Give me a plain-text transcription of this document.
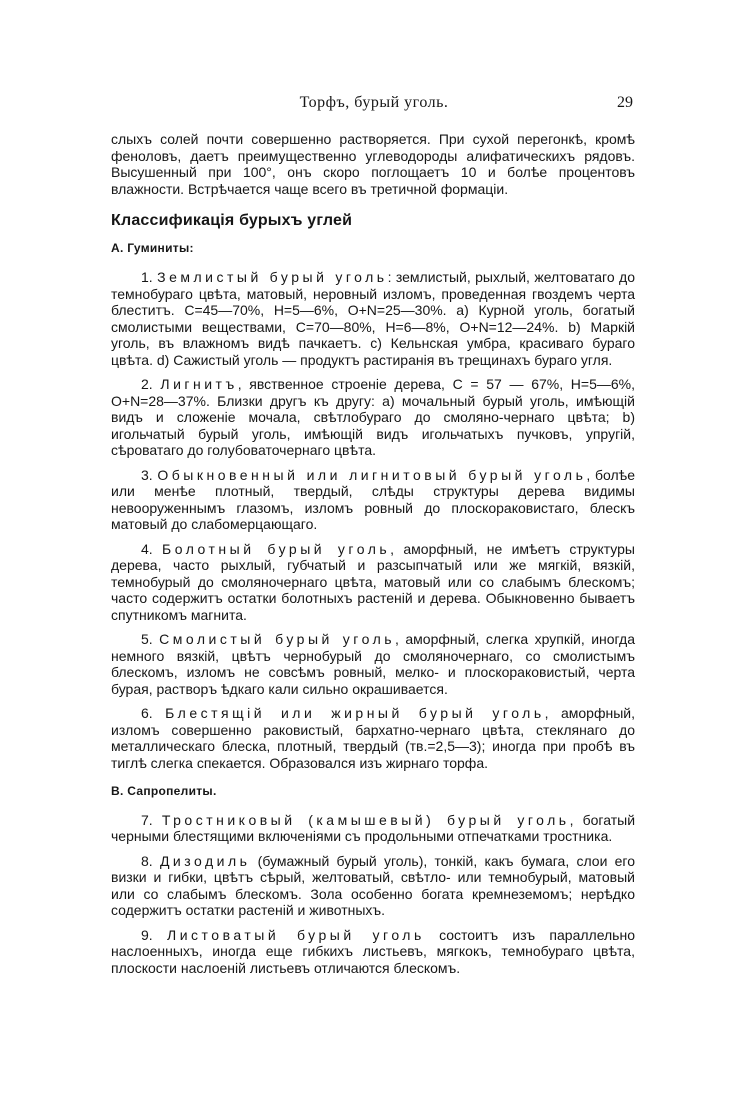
Торфъ, бурый уголь.	29

слыхъ солей почти совершенно растворяется. При сухой перегонкѣ, кромѣ феноловъ, даетъ преимущественно углеводороды алифатическихъ рядовъ. Высушенный при 100°, онъ скоро поглощаетъ 10 и болѣе процентовъ влажности. Встрѣчается чаще всего въ третичной формаціи.

Классификація бурыхъ углей
А. Гуминиты:

1. Землистый бурый уголь: землистый, рыхлый, желтоватаго до темнобураго цвѣта, матовый, неровный изломъ, проведенная гвоздемъ черта блеститъ. C=45—70%, H=5—6%, O+N=25—30%. a) Курной уголь, богатый смолистыми веществами, C=70—80%, H=6—8%, O+N=12—24%. b) Маркій уголь, въ влажномъ видѣ пачкаетъ. c) Кельнская умбра, красиваго бураго цвѣта. d) Сажистый уголь — продуктъ растиранія въ трещинахъ бураго угля.

2. Лигнитъ, явственное строеніе дерева, C = 57 — 67%, H=5—6%, O+N=28—37%. Близки другъ къ другу: a) мочальный бурый уголь, имѣющій видъ и сложеніе мочала, свѣтлобураго до смоляно-чернаго цвѣта; b) игольчатый бурый уголь, имѣющій видъ игольчатыхъ пучковъ, упругій, сѣроватаго до голубоваточернаго цвѣта.

3. Обыкновенный или лигнитовый бурый уголь, болѣе или менѣе плотный, твердый, слѣды структуры дерева видимы невооруженнымъ глазомъ, изломъ ровный до плоскораковистаго, блескъ матовый до слабомерцающаго.

4. Болотный бурый уголь, аморфный, не имѣетъ структуры дерева, часто рыхлый, губчатый и разсыпчатый или же мягкій, вязкій, темнобурый до смоляночернаго цвѣта, матовый или со слабымъ блескомъ; часто содержитъ остатки болотныхъ растеній и дерева. Обыкновенно бываетъ спутникомъ магнита.

5. Смолистый бурый уголь, аморфный, слегка хрупкій, иногда немного вязкій, цвѣтъ чернобурый до смоляночернаго, со смолистымъ блескомъ, изломъ не совсѣмъ ровный, мелко- и плоскораковистый, черта бурая, растворъ ѣдкаго кали сильно окрашивается.

6. Блестящій или жирный бурый уголь, аморфный, изломъ совершенно раковистый, бархатно-чернаго цвѣта, стеклянаго до металлическаго блеска, плотный, твердый (тв.=2,5—3); иногда при пробѣ въ тиглѣ слегка спекается. Образовался изъ жирнаго торфа.

В. Сапропелиты.

7. Тростниковый (камышевый) бурый уголь, богатый черными блестящими включеніями съ продольными отпечатками тростника.

8. Дизодиль (бумажный бурый уголь), тонкій, какъ бумага, слои его визки и гибки, цвѣтъ сѣрый, желтоватый, свѣтло- или темнобурый, матовый или со слабымъ блескомъ. Зола особенно богата кремнеземомъ; нерѣдко содержитъ остатки растеній и животныхъ.

9. Листоватый бурый уголь состоитъ изъ параллельно наслоенныхъ, иногда еще гибкихъ листьевъ, мягкокъ, темнобураго цвѣта, плоскости наслоеній листьевъ отличаются блескомъ.
